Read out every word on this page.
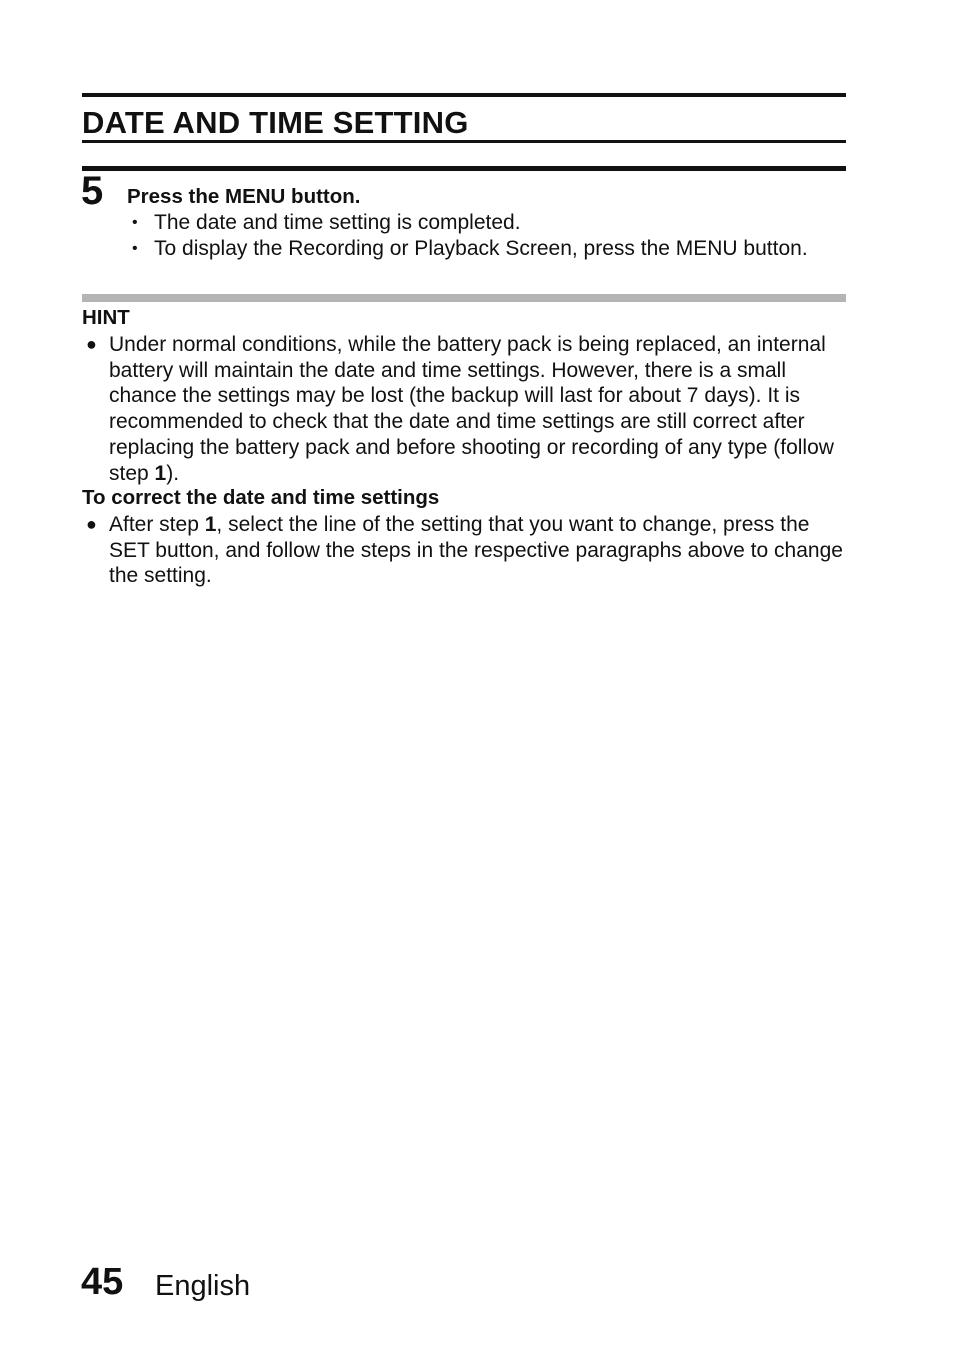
DATE AND TIME SETTING
5 Press the MENU button.
• The date and time setting is completed.
• To display the Recording or Playback Screen, press the MENU button.
HINT
● Under normal conditions, while the battery pack is being replaced, an internal battery will maintain the date and time settings. However, there is a small chance the settings may be lost (the backup will last for about 7 days). It is recommended to check that the date and time settings are still correct after replacing the battery pack and before shooting or recording of any type (follow step 1).
To correct the date and time settings
● After step 1, select the line of the setting that you want to change, press the SET button, and follow the steps in the respective paragraphs above to change the setting.
45 English
